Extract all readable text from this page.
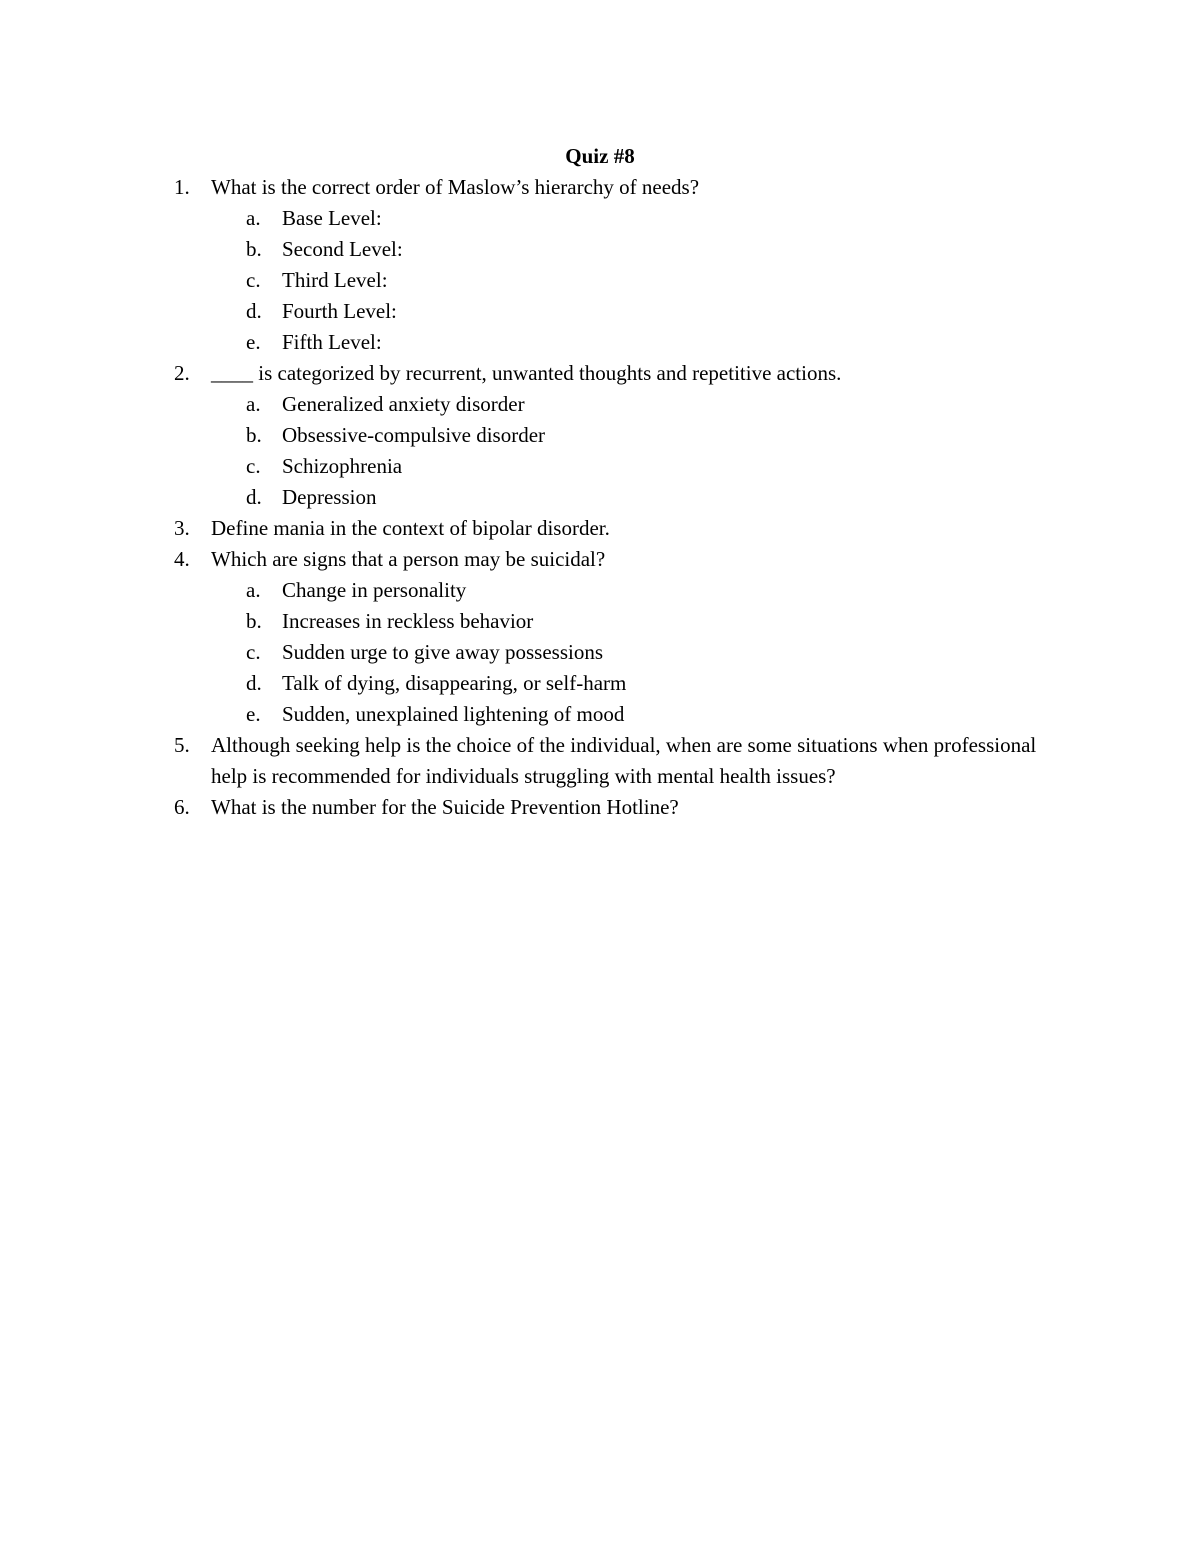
Quiz #8
1. What is the correct order of Maslow’s hierarchy of needs?
a. Base Level:
b. Second Level:
c. Third Level:
d. Fourth Level:
e. Fifth Level:
2. ____ is categorized by recurrent, unwanted thoughts and repetitive actions.
a. Generalized anxiety disorder
b. Obsessive-compulsive disorder
c. Schizophrenia
d. Depression
3. Define mania in the context of bipolar disorder.
4. Which are signs that a person may be suicidal?
a. Change in personality
b. Increases in reckless behavior
c. Sudden urge to give away possessions
d. Talk of dying, disappearing, or self-harm
e. Sudden, unexplained lightening of mood
5. Although seeking help is the choice of the individual, when are some situations when professional help is recommended for individuals struggling with mental health issues?
6. What is the number for the Suicide Prevention Hotline?
